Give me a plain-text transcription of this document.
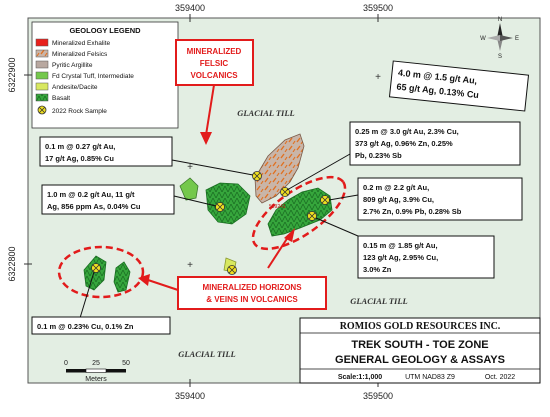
359400	359500
359400	359500
6322900
6322800
+
+
+
509241
GLACIAL TILL
GLACIAL TILL
GLACIAL TILL
GEOLOGY LEGEND
Mineralized Exhalite
Mineralized Felsics
Pyritic Argillite
Fd Crystal Tuff, Intermediate
Andesite/Dacite
Basalt
2022 Rock Sample
N
S
W	E
MINERALIZED
FELSIC
VOLCANICS
MINERALIZED HORIZONS
& VEINS IN VOLCANICS
4.0 m @ 1.5 g/t Au,
65 g/t Ag, 0.13% Cu
0.1 m @ 0.27 g/t Au,
17 g/t Ag, 0.85% Cu
1.0 m @ 0.2 g/t Au, 11 g/t
Ag, 856 ppm As, 0.04% Cu
0.25 m @ 3.0 g/t Au, 2.3% Cu,
373 g/t Ag, 0.96% Zn, 0.25%
Pb, 0.23% Sb
0.2 m @ 2.2 g/t Au,
809 g/t Ag, 3.9% Cu,
2.7% Zn, 0.9% Pb, 0.28% Sb
0.15 m @ 1.85 g/t Au,
123 g/t Ag, 2.95% Cu,
3.0% Zn
0.1 m @ 0.23% Cu, 0.1% Zn
0	25	50
Meters
ROMIOS GOLD RESOURCES INC.
TREK SOUTH - TOE ZONE
GENERAL GEOLOGY & ASSAYS
Scale:1:1,000	UTM NAD83 Z9	Oct. 2022
